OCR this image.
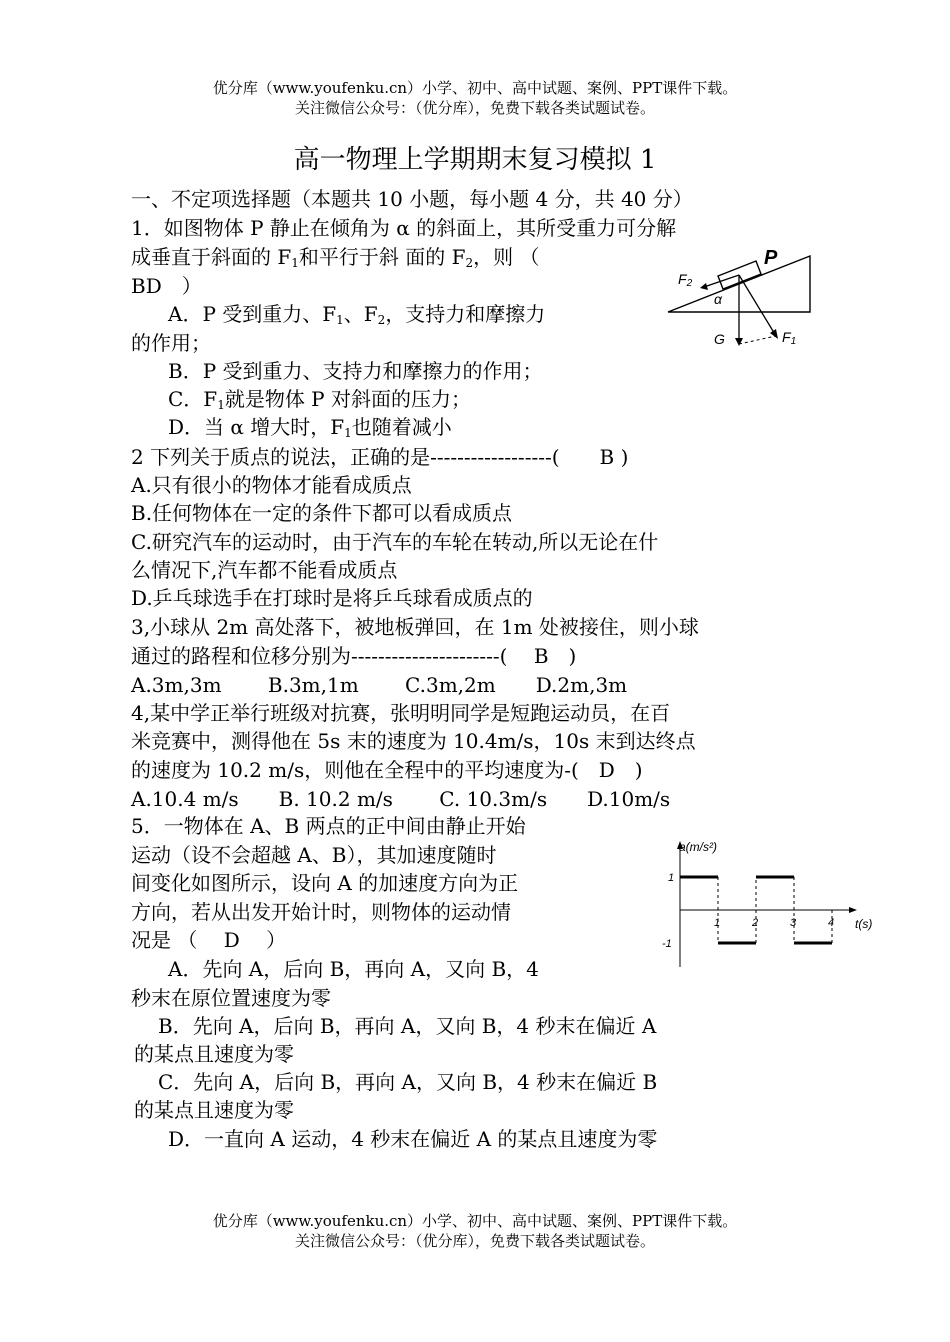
优分库（www.youfenku.cn）小学、初中、高中试题、案例、PPT课件下载。
关注微信公众号：（优分库），免费下载各类试题试卷。
高一物理上学期期末复习模拟 1
一、不定项选择题（本题共 10 小题，每小题 4 分，共 40 分）
1．如图物体 P 静止在倾角为 α 的斜面上，其所受重力可分解
成垂直于斜面的 $F_1$和平行于斜 面的 $F_2$，则 （
BD　）
A．P 受到重力、$F_1$、$F_2$，支持力和摩擦力
的作用；
B．P 受到重力、支持力和摩擦力的作用；
C．$F_1$就是物体 P 对斜面的压力；
D．当 α 增大时，$F_1$也随着减小
P
F2
α
G	F1
2 下列关于质点的说法，正确的是------------------(　　B )
A.只有很小的物体才能看成质点
B.任何物体在一定的条件下都可以看成质点
C.研究汽车的运动时，由于汽车的车轮在转动,所以无论在什
么情况下,汽车都不能看成质点
D.乒乓球选手在打球时是将乒乓球看成质点的
3,小球从 2m 高处落下，被地板弹回，在 1m 处被接住，则小球
通过的路程和位移分别为----------------------(　 B　)
A.3m,3m　　 B.3m,1m　　 C.3m,2m　　D.2m,3m
4,某中学正举行班级对抗赛，张明明同学是短跑运动员，在百
米竞赛中，测得他在 5s 末的速度为 10.4m/s，10s 末到达终点
的速度为 10.2 m/s，则他在全程中的平均速度为-(　D　)
A.10.4 m/s　　B. 10.2 m/s　　 C. 10.3m/s　　D.10m/s
5．一物体在 A、B 两点的正中间由静止开始
运动（设不会超越 A、B），其加速度随时
间变化如图所示，设向 A 的加速度方向为正
方向，若从出发开始计时，则物体的运动情
况是 （　 D　 ）
A．先向 A，后向 B，再向 A，又向 B，4
秒末在原位置速度为零
B．先向 A，后向 B，再向 A，又向 B，4 秒末在偏近 A
的某点且速度为零
C．先向 A，后向 B，再向 A，又向 B，4 秒末在偏近 B
的某点且速度为零
D．一直向 A 运动，4 秒末在偏近 A 的某点且速度为零
a(m/s²)
t(s)
1	2	3	4
1
-1
优分库（www.youfenku.cn）小学、初中、高中试题、案例、PPT课件下载。
关注微信公众号：（优分库），免费下载各类试题试卷。
